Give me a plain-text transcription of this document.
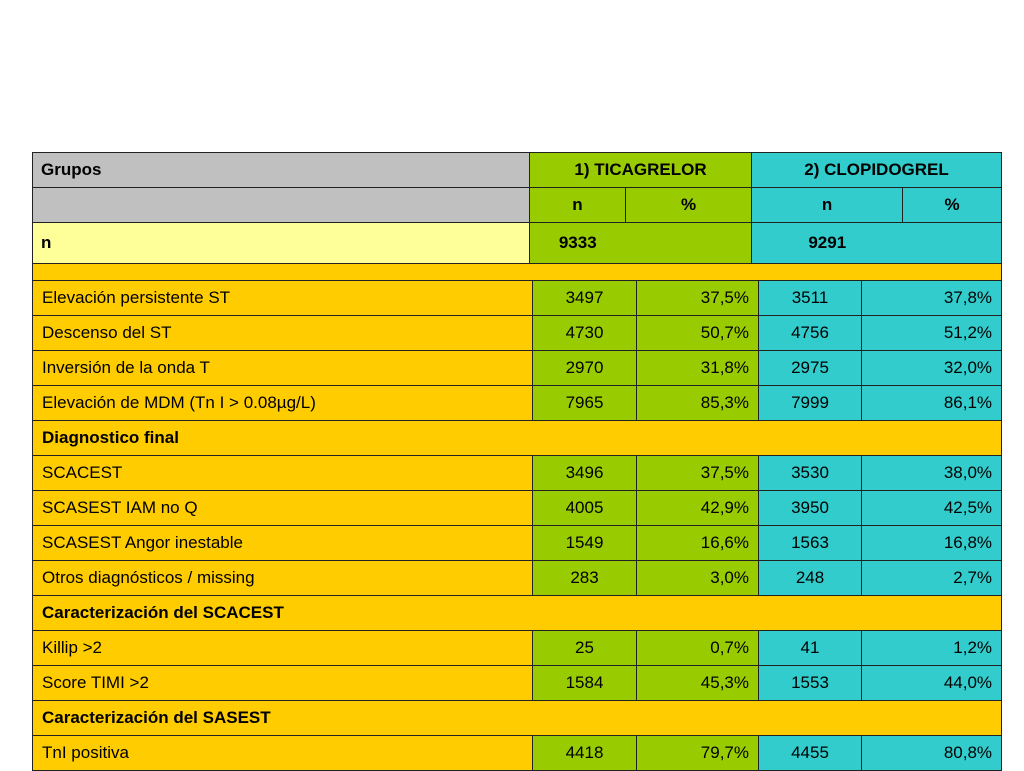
Grupos	1) TICAGRELOR		2) CLOPIDOGREL	
	n	%	n	%
n	9333		9291	

Elevación persistente ST	3497	37,5%	3511	37,8%
Descenso del ST	4730	50,7%	4756	51,2%
Inversión de la onda T	2970	31,8%	2975	32,0%
Elevación de MDM (Tn I > 0.08µg/L)	7965	85,3%	7999	86,1%
Diagnostico final				
SCACEST	3496	37,5%	3530	38,0%
SCASEST IAM no Q	4005	42,9%	3950	42,5%
SCASEST Angor inestable	1549	16,6%	1563	16,8%
Otros diagnósticos / missing	283	3,0%	248	2,7%
Caracterización del SCACEST				
Killip >2	25	0,7%	41	1,2%
Score TIMI >2	1584	45,3%	1553	44,0%
Caracterización del SASEST				
TnI positiva	4418	79,7%	4455	80,8%
